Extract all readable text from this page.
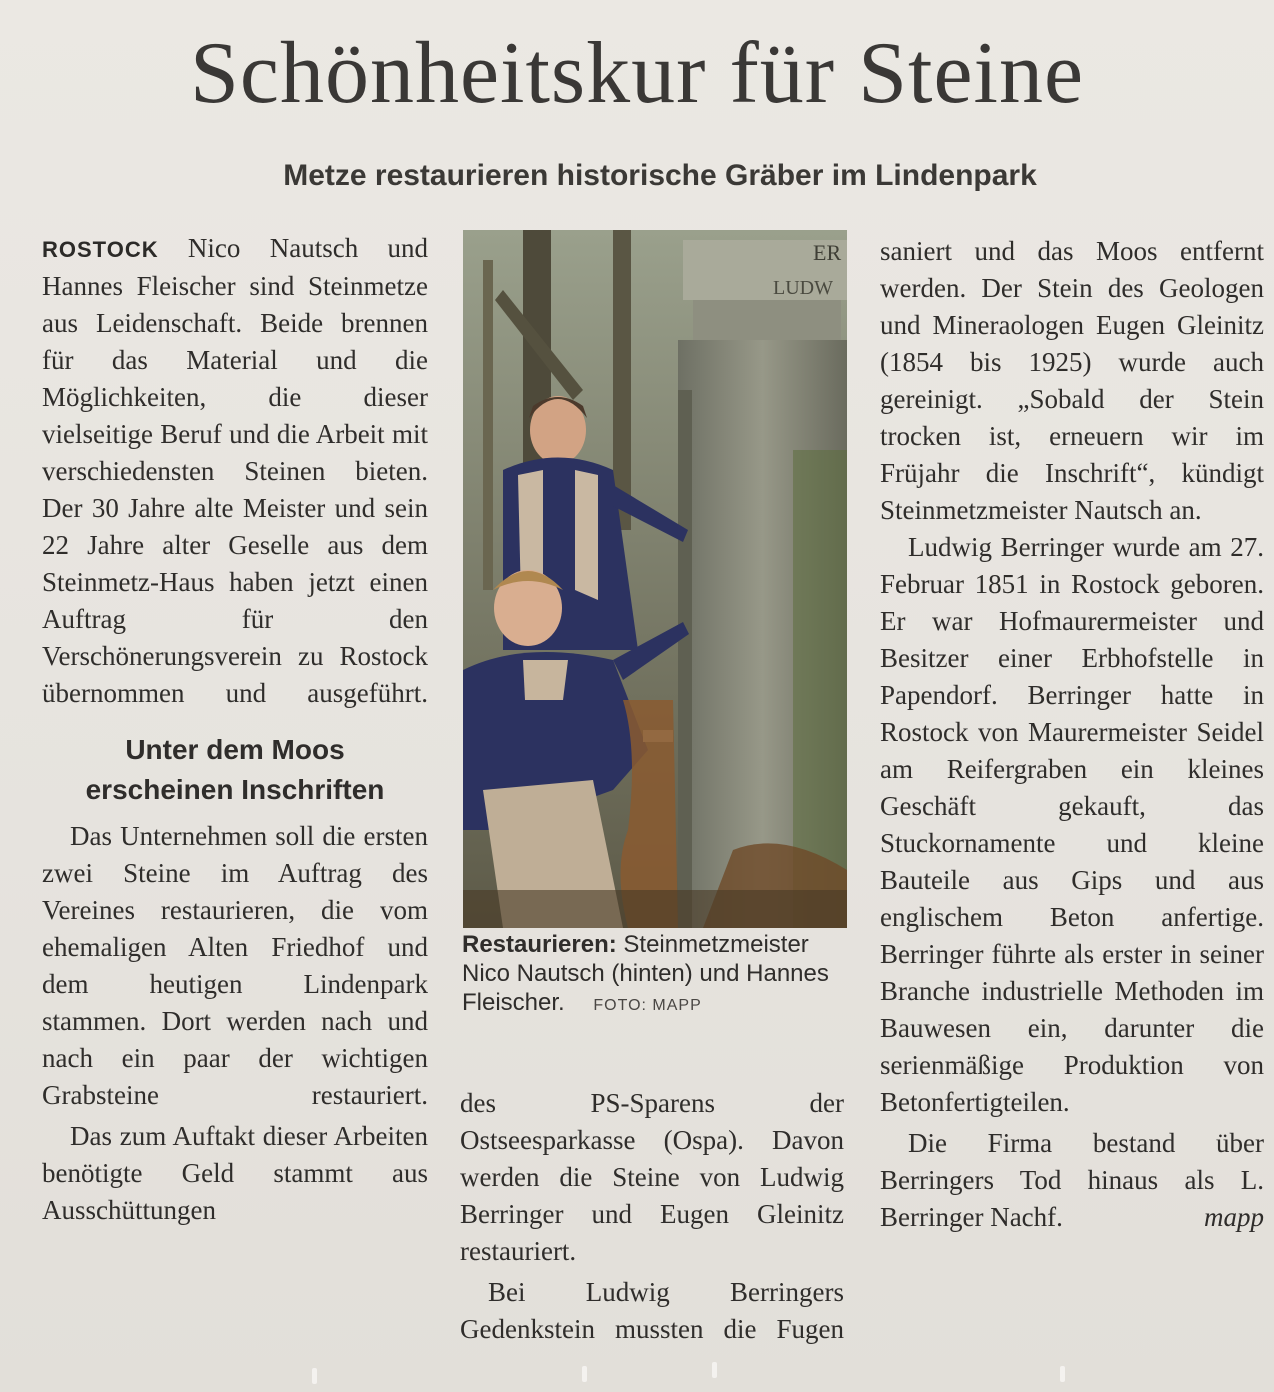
Schönheitskur für Steine
Metze restaurieren historische Gräber im Lindenpark

ROSTOCK Nico Nautsch und Hannes Fleischer sind Steinmetze aus Leidenschaft. Beide brennen für das Material und die Möglichkeiten, die dieser vielseitige Beruf und die Arbeit mit verschiedensten Steinen bieten. Der 30 Jahre alte Meister und sein 22 Jahre alter Geselle aus dem Steinmetz-Haus haben jetzt einen Auftrag für den Verschönerungsverein zu Rostock übernommen und ausgeführt.

Unter dem Moos
erscheinen Inschriften

Das Unternehmen soll die ersten zwei Steine im Auftrag des Vereines restaurieren, die vom ehemaligen Alten Friedhof und dem heutigen Lindenpark stammen. Dort werden nach und nach ein paar der wichtigen Grabsteine restauriert.

Das zum Auftakt dieser Arbeiten benötigte Geld stammt aus Ausschüttungen

ER
LUDW
Restaurieren: Steinmetzmeister Nico Nautsch (hinten) und Hannes Fleischer. FOTO: MAPP

des PS-Sparens der Ostseesparkasse (Ospa). Davon werden die Steine von Ludwig Berringer und Eugen Gleinitz restauriert.

Bei Ludwig Berringers Gedenkstein mussten die Fugen

saniert und das Moos entfernt werden. Der Stein des Geologen und Mineraologen Eugen Gleinitz (1854 bis 1925) wurde auch gereinigt. „Sobald der Stein trocken ist, erneuern wir im Früjahr die Inschrift“, kündigt Steinmetzmeister Nautsch an.

Ludwig Berringer wurde am 27. Februar 1851 in Rostock geboren. Er war Hofmaurermeister und Besitzer einer Erbhofstelle in Papendorf. Berringer hatte in Rostock von Maurermeister Seidel am Reifergraben ein kleines Geschäft gekauft, das Stuckornamente und kleine Bauteile aus Gips und aus englischem Beton anfertige. Berringer führte als erster in seiner Branche industrielle Methoden im Bauwesen ein, darunter die serienmäßige Produktion von Betonfertigteilen.

Die Firma bestand über Berringers Tod hinaus als L. Berringer Nachf.	mapp
